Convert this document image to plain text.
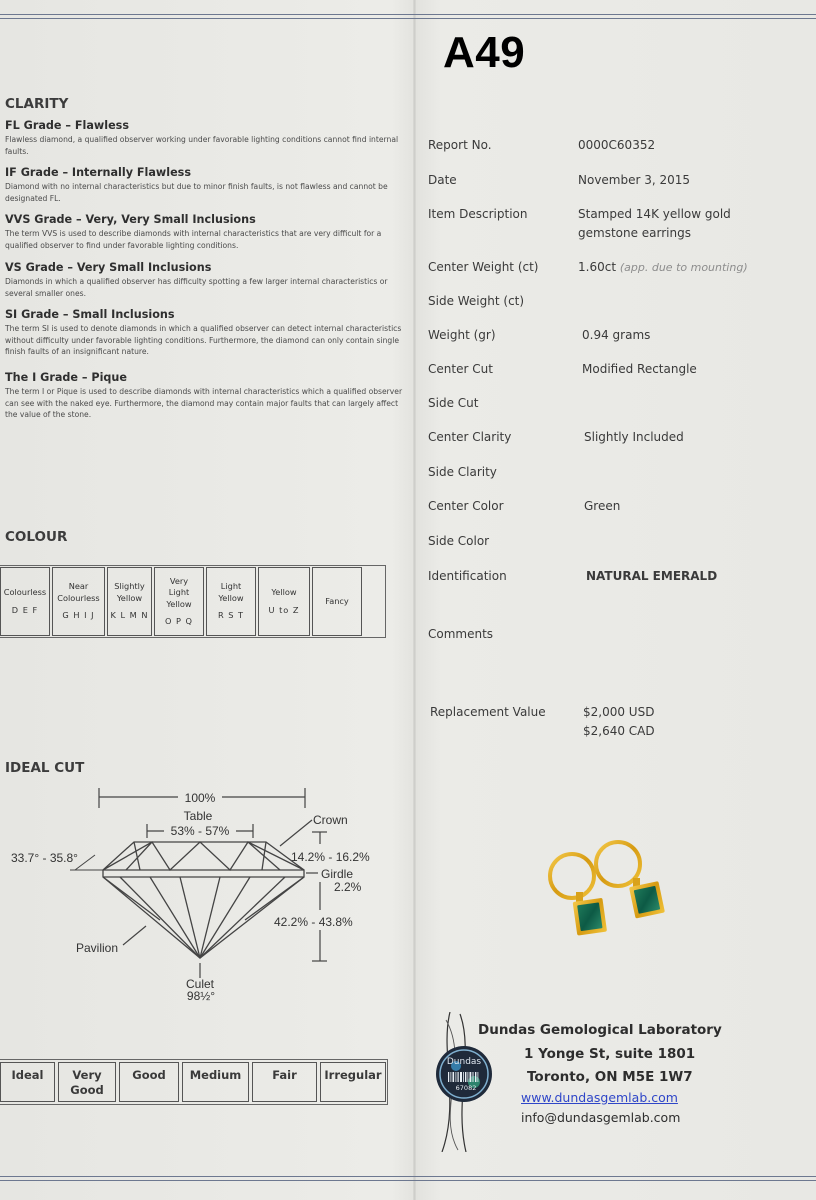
A49
CLARITY
FL Grade – Flawless
Flawless diamond, a qualified observer working under favorable lighting conditions cannot find internal faults.
IF Grade – Internally Flawless
Diamond with no internal characteristics but due to minor finish faults, is not flawless and cannot be designated FL.
VVS Grade – Very, Very Small Inclusions
The term VVS is used to describe diamonds with internal characteristics that are very difficult for a qualified observer to find under favorable lighting conditions.
VS Grade – Very Small Inclusions
Diamonds in which a qualified observer has difficulty spotting a few larger internal characteristics or several smaller ones.
SI Grade – Small Inclusions
The term SI is used to denote diamonds in which a qualified observer can detect internal characteristics without difficulty under favorable lighting conditions. Furthermore, the diamond can only contain single finish faults of an insignificant nature.
The I Grade – Pique
The term I or Pique is used to describe diamonds with internal characteristics which a qualified observer can see with the naked eye. Furthermore, the diamond may contain major faults that can largely affect the value of the stone.
COLOUR
Colourless
D E F
Near Colourless
G H I J
Slightly Yellow
K L M N
Very Light Yellow
O P Q
Light Yellow
R S T
Yellow
U to Z
Fancy
IDEAL CUT
100%
Table
53% - 57%
Crown
33.7° - 35.8°	14.2% - 16.2%
Girdle
2.2%
42.2% - 43.8%
Pavilion
Culet
98½°
Ideal	Very Good
Good	Medium	Fair	Irregular
Report No.	0000C60352
Date	November 3, 2015
Item Description	Stamped 14K yellow gold
gemstone earrings
Center Weight (ct)	1.60ct (app. due to mounting)
Side Weight (ct)
Weight (gr)	0.94 grams
Center Cut	Modified Rectangle
Side Cut
Center Clarity	Slightly Included
Side Clarity
Center Color	Green
Side Color
Identification	NATURAL EMERALD
Comments
Replacement Value	$2,000 USD
$2,640 CAD
Dundas
67082
Dundas Gemological Laboratory
1 Yonge St, suite 1801
Toronto, ON M5E 1W7
www.dundasgemlab.com
info@dundasgemlab.com
